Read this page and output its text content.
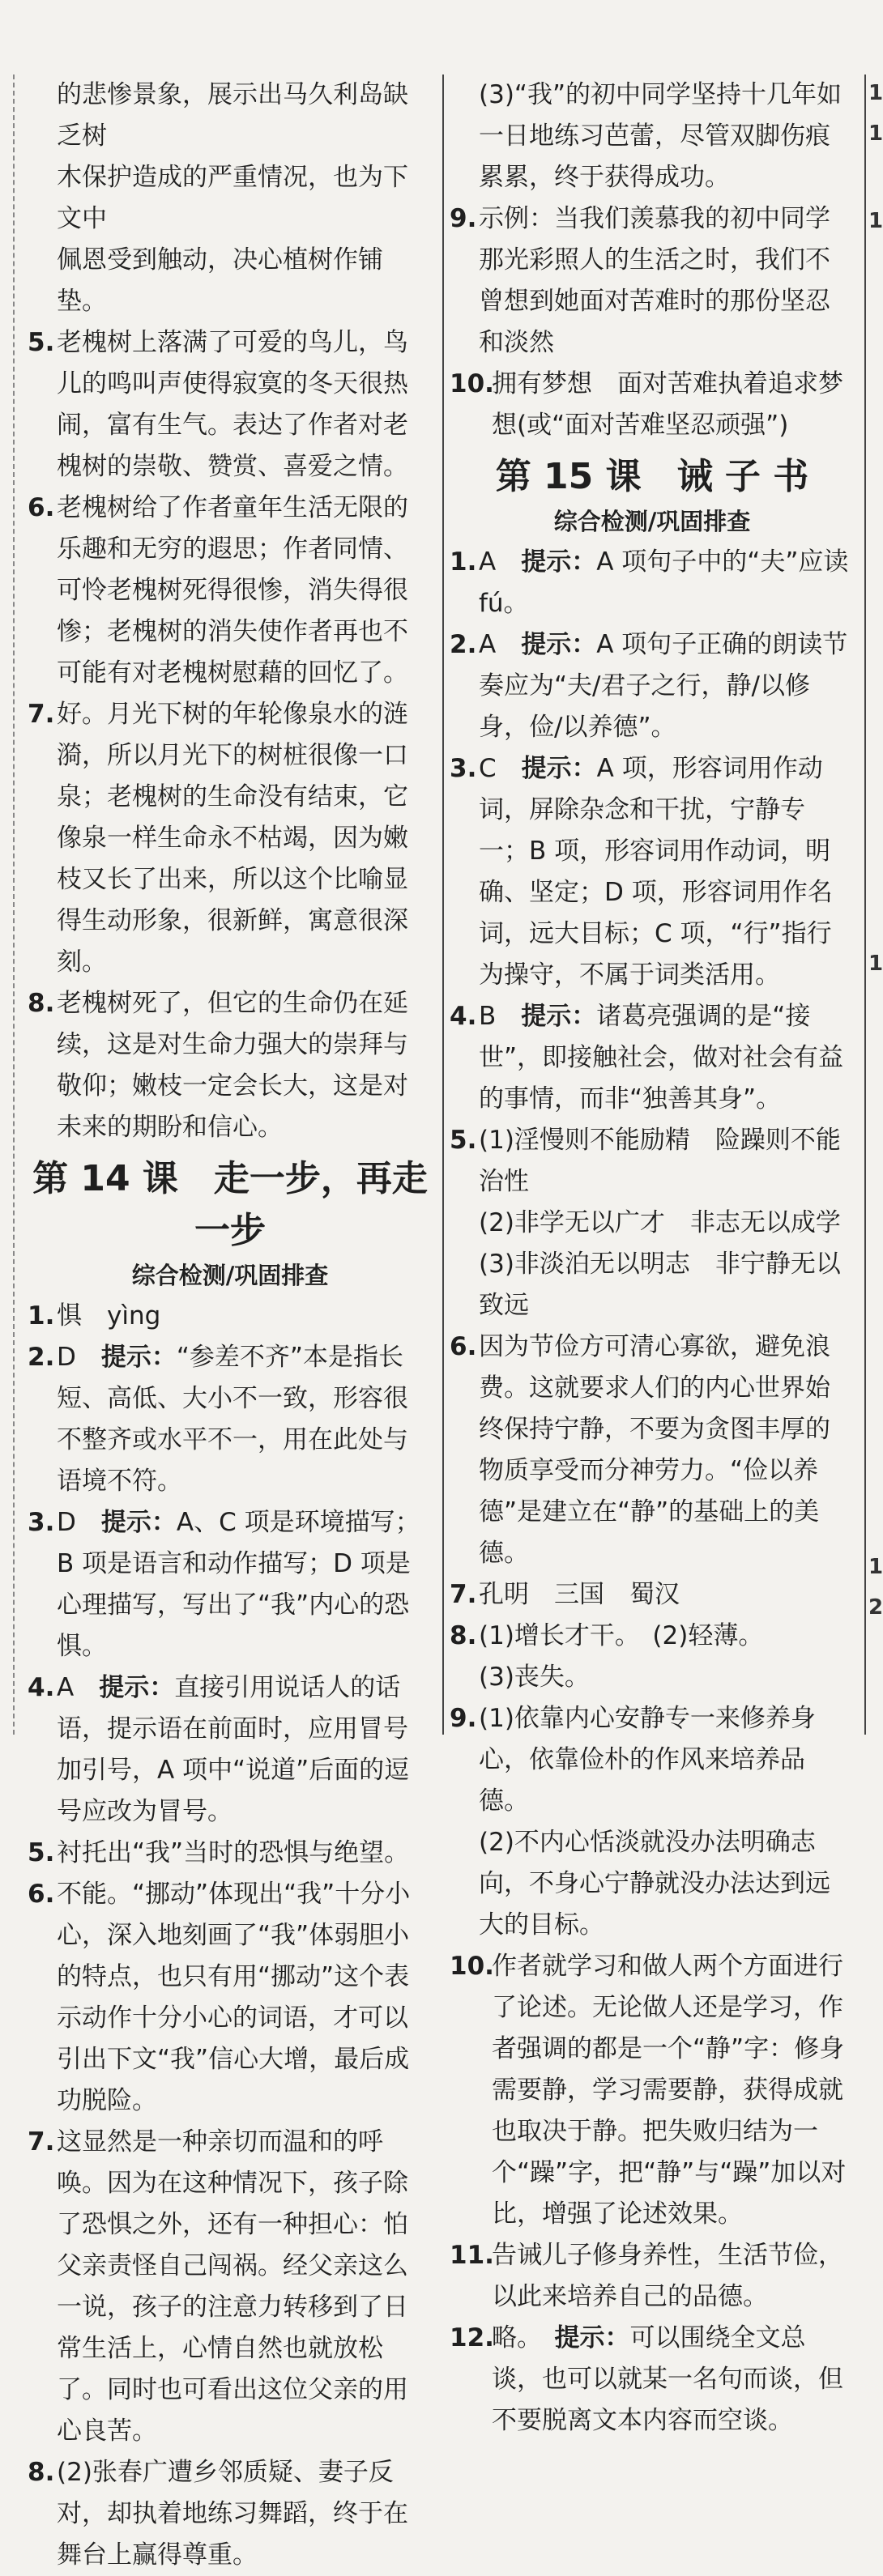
的悲惨景象，展示出马久利岛缺乏树
木保护造成的严重情况，也为下文中
佩恩受到触动，决心植树作铺垫。
5. 老槐树上落满了可爱的鸟儿，鸟儿的鸣叫声使得寂寞的冬天很热闹，富有生气。表达了作者对老槐树的崇敬、赞赏、喜爱之情。
6. 老槐树给了作者童年生活无限的乐趣和无穷的遐思；作者同情、可怜老槐树死得很惨，消失得很惨；老槐树的消失使作者再也不可能有对老槐树慰藉的回忆了。
7. 好。月光下树的年轮像泉水的涟漪，所以月光下的树桩很像一口泉；老槐树的生命没有结束，它像泉一样生命永不枯竭，因为嫩枝又长了出来，所以这个比喻显得生动形象，很新鲜，寓意很深刻。
8. 老槐树死了，但它的生命仍在延续，这是对生命力强大的崇拜与敬仰；嫩枝一定会长大，这是对未来的期盼和信心。
第 14 课　走一步，再走一步
综合检测/巩固排查
1. 惧　yìng
2. D　 提示：“参差不齐”本是指长短、高低、大小不一致，形容很不整齐或水平不一，用在此处与语境不符。
3. D　 提示：A、C 项是环境描写；B 项是语言和动作描写；D 项是心理描写，写出了“我”内心的恐惧。
4. A　 提示：直接引用说话人的话语，提示语在前面时，应用冒号加引号，A 项中“说道”后面的逗号应改为冒号。
5. 衬托出“我”当时的恐惧与绝望。
6. 不能。“挪动”体现出“我”十分小心，深入地刻画了“我”体弱胆小的特点，也只有用“挪动”这个表示动作十分小心的词语，才可以引出下文“我”信心大增，最后成功脱险。
7. 这显然是一种亲切而温和的呼唤。因为在这种情况下，孩子除了恐惧之外，还有一种担心：怕父亲责怪自己闯祸。经父亲这么一说，孩子的注意力转移到了日常生活上，心情自然也就放松了。同时也可看出这位父亲的用心良苦。
8. (2)张春广遭乡邻质疑、妻子反对，却执着地练习舞蹈，终于在舞台上赢得尊重。
(3)“我”的初中同学坚持十几年如一日地练习芭蕾，尽管双脚伤痕累累，终于获得成功。
9. 示例：当我们羡慕我的初中同学那光彩照人的生活之时，我们不曾想到她面对苦难时的那份坚忍和淡然
10.
拥有梦想　面对苦难执着追求梦想(或“面对苦难坚忍顽强”)
第 15 课　诫 子 书
综合检测/巩固排查
1. A　 提示：A 项句子中的“夫”应读 fú。
2. A　 提示：A 项句子正确的朗读节奏应为“夫/君子之行，静/以修身，俭/以养德”。
3. C　 提示：A 项，形容词用作动词，屏除杂念和干扰，宁静专一；B 项，形容词用作动词，明确、坚定；D 项，形容词用作名词，远大目标；C 项，“行”指行为操守，不属于词类活用。
4. B　 提示：诸葛亮强调的是“接世”，即接触社会，做对社会有益的事情，而非“独善其身”。
5. (1)淫慢则不能励精　险躁则不能治性
(2)非学无以广才　非志无以成学
(3)非淡泊无以明志　非宁静无以致远
6. 因为节俭方可清心寡欲，避免浪费。这就要求人们的内心世界始终保持宁静，不要为贪图丰厚的物质享受而分神劳力。“俭以养德”是建立在“静”的基础上的美德。
7. 孔明　三国　蜀汉
8. (1)增长才干。　(2)轻薄。
(3)丧失。
9. (1)依靠内心安静专一来修养身心，依靠俭朴的作风来培养品德。
(2)不内心恬淡就没办法明确志向，不身心宁静就没办法达到远大的目标。
10.
作者就学习和做人两个方面进行了论述。无论做人还是学习，作者强调的都是一个“静”字：修身需要静，学习需要静，获得成就也取决于静。把失败归结为一个“躁”字，把“静”与“躁”加以对比，增强了论述效果。
11.
告诫儿子修身养性，生活节俭，以此来培养自己的品德。
12.
略。　 提示：可以围绕全文总谈，也可以就某一名句而谈，但不要脱离文本内容而空谈。
1
1
1
1
1
2
